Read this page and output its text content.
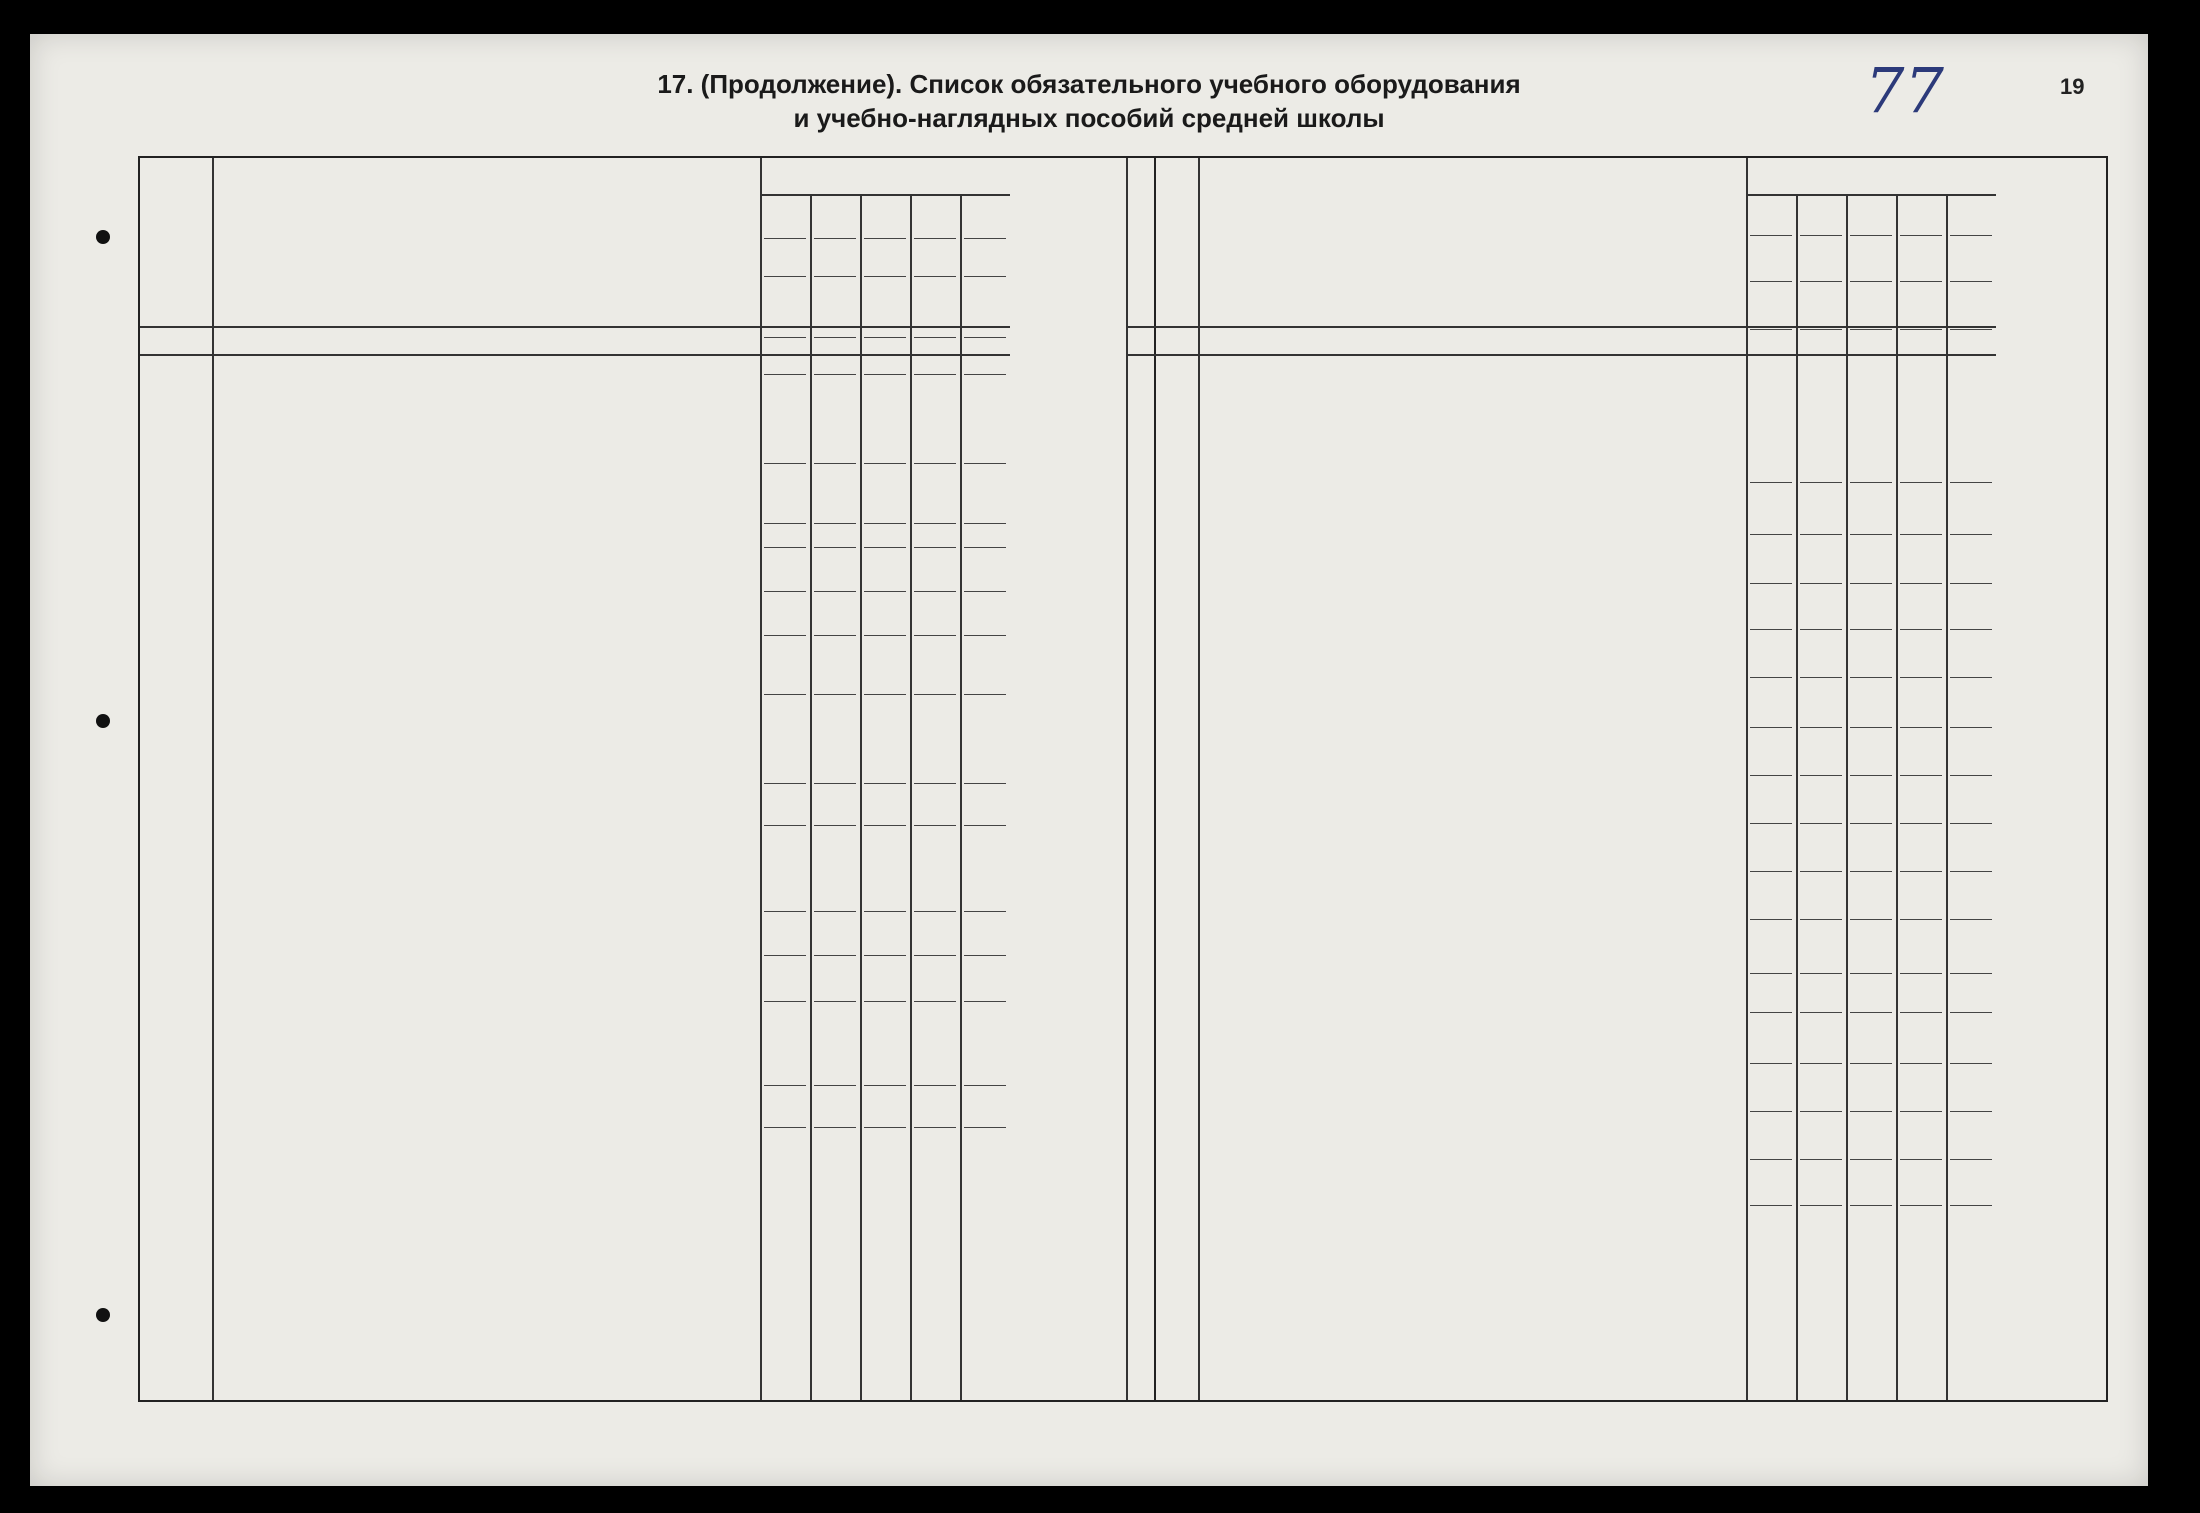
17. (Продолжение). Список обязательного учебного оборудования
и учебно-наглядных пособий средней школы	77	19
